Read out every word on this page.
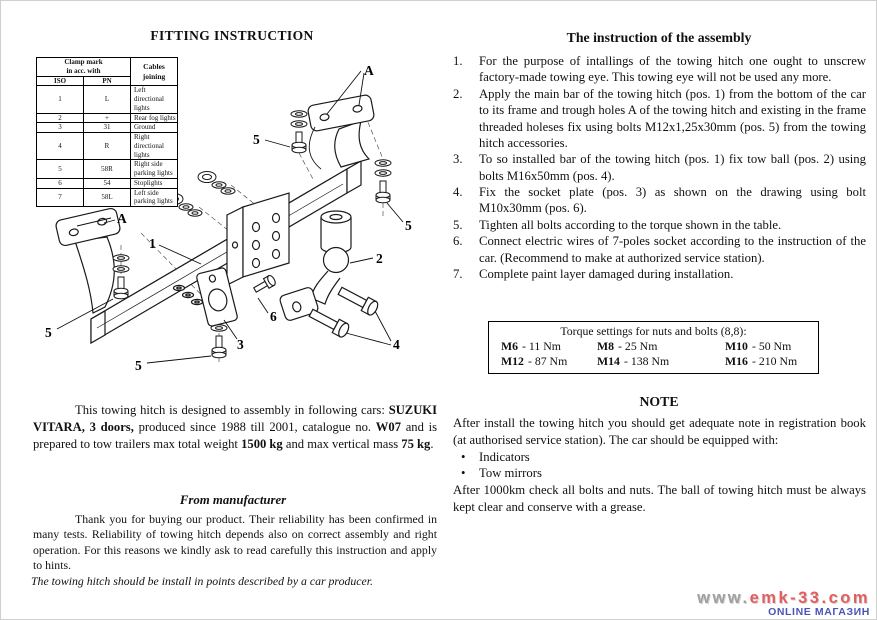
FITTING INSTRUCTION
A
5
A
1
2
5
6
3	4
5
5
Clamp mark
in acc. with		Cables joining
ISO	PN	
1	L	Left directional lights
2	+	Rear fog lights
3	31	Ground
4	R	Right directional lights
5	58R	Right side parking lights
6	54	Stoplights
7	58L	Left side parking lights
This towing hitch is designed to assembly in following cars: SUZUKI VITARA, 3 doors, produced since 1988 till 2001, catalogue no. W07 and is prepared to tow trailers max total weight 1500 kg and max vertical mass 75 kg.
From manufacturer
Thank you for buying our product. Their reliability has been confirmed in many tests. Reliability of towing hitch depends also on correct assembly and right operation. For this reasons we kindly ask to read carefully this instruction and apply to hints.
The towing hitch should be install in points described by a car producer.
The instruction of the assembly
1.	For the purpose of intallings of the towing hitch one ought to unscrew factory-made towing eye. This towing eye will not be used any more.
2.	Apply the main bar of the towing hitch (pos. 1) from the bottom of the car to its frame and trough holes A of the towing hitch and existing in the frame threaded holeses fix using bolts M12x1,25x30mm (pos. 5) from the towing hitch accessories.
3.	To so installed bar of the towing hitch (pos. 1) fix tow ball (pos. 2) using bolts M16x50mm (pos. 4).
4.	Fix the socket plate (pos. 3) as shown on the drawing using bolt M10x30mm (pos. 6).
5.	Tighten all bolts according to the torque shown in the table.
6.	Connect electric wires of 7-poles socket according to the instruction of the car. (Recommend to make at authorized service station).
7.	Complete paint layer damaged during installation.
Torque settings for nuts and bolts (8,8):
M6 - 11 Nm	M8 - 25 Nm	M10 - 50 Nm
M12 - 87 Nm	M14 - 138 Nm	M16 - 210 Nm
NOTE
After install the towing hitch you should get adequate note in registration book (at authorised service station). The car should be equipped with:
•	Indicators
•	Tow mirrors
After 1000km check all bolts and nuts. The ball of towing hitch must be always kept clear and conserve with a grease.
www.emk-33.com
ONLINE МАГАЗИН
